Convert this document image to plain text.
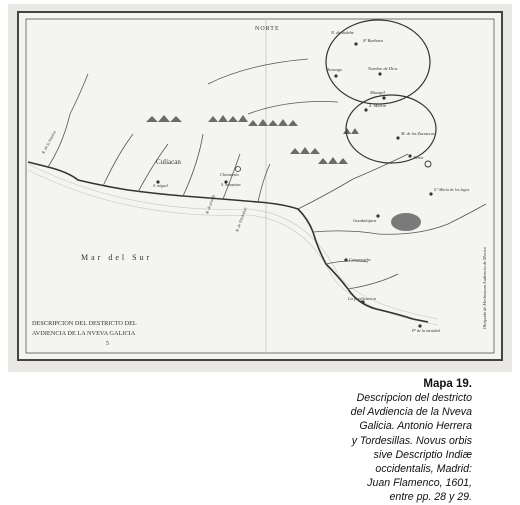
NORTE
Mar del Sur
Culiacan
Sª Barbara
N. de Indehe
Durango	Nombre de Dios
Mazapil
S. Martin
M. de los Zacatecas
Xerez
S.ª Maria de los lagos
Guadalajara
Compostela
La purificacion
Pº de la navidad
Chiametla
S. Sebastian
S. miguel
R. de la Sinaloa
R. de piastla
R. de Tololotlan
Obispado de Mechoacan Audiencia de Mexico
DESCRIPCION DEL DESTRICTO DEL
AVDIENCIA DE LA NVEVA GALICIA
5
Mapa 19.
Descripcion del destricto
del Avdiencia de la Nveva
Galicia. Antonio Herrera
y Tordesillas. Novus orbis
sive Descriptio Indiæ
occidentalis, Madrid:
Juan Flamenco, 1601,
entre pp. 28 y 29.
